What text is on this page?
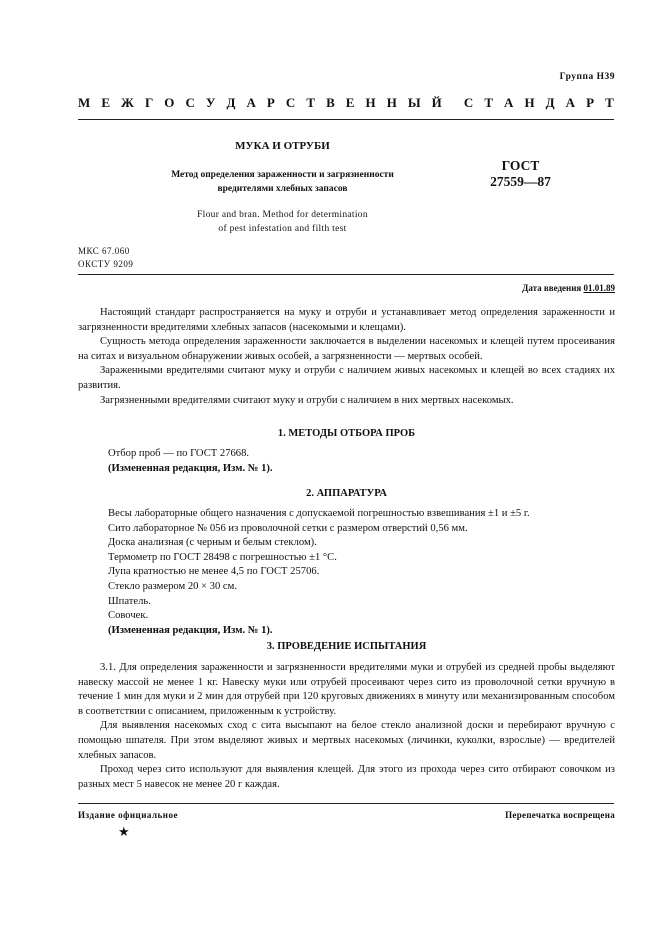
Группа Н39
М Е Ж Г О С У Д А Р С Т В Е Н Н Ы Й С Т А Н Д А Р Т
МУКА И ОТРУБИ
Метод определения зараженности и загрязненности
вредителями хлебных запасов
ГОСТ
27559—87
Flour and bran. Method for determination
of pest infestation and filth test
МКС 67.060
ОКСТУ 9209
Дата введения 01.01.89

Настоящий стандарт распространяется на муку и отруби и устанавливает метод определения зараженности и загрязненности вредителями хлебных запасов (насекомыми и клещами).

Сущность метода определения зараженности заключается в выделении насекомых и клещей путем просеивания на ситах и визуальном обнаружении живых особей, а загрязненности — мертвых особей.

Зараженными вредителями считают муку и отруби с наличием живых насекомых и клещей во всех стадиях их развития.

Загрязненными вредителями считают муку и отруби с наличием в них мертвых насекомых.

1. МЕТОДЫ ОТБОРА ПРОБ
Отбор проб — по ГОСТ 27668.
(Измененная редакция, Изм. № 1).
2. АППАРАТУРА
Весы лабораторные общего назначения с допускаемой погрешностью взвешивания ±1 и ±5 г.
Сито лабораторное № 056 из проволочной сетки с размером отверстий 0,56 мм.
Доска анализная (с черным и белым стеклом).
Термометр по ГОСТ 28498 с погрешностью ±1 °С.
Лупа кратностью не менее 4,5 по ГОСТ 25706.
Стекло размером 20 × 30 см.
Шпатель.
Совочек.
(Измененная редакция, Изм. № 1).
3. ПРОВЕДЕНИЕ ИСПЫТАНИЯ

3.1. Для определения зараженности и загрязненности вредителями муки и отрубей из средней пробы выделяют навеску массой не менее 1 кг. Навеску муки или отрубей просеивают через сито из проволочной сетки вручную в течение 1 мин для муки и 2 мин для отрубей при 120 круговых движениях в минуту или механизированным способом в соответствии с описанием, приложенным к устройству.

Для выявления насекомых сход с сита высыпают на белое стекло анализной доски и перебирают вручную с помощью шпателя. При этом выделяют живых и мертвых насекомых (личинки, куколки, взрослые) — вредителей хлебных запасов.

Проход через сито используют для выявления клещей. Для этого из прохода через сито отбирают совочком из разных мест 5 навесок не менее 20 г каждая.

Издание официальное	Перепечатка воспрещена
★
